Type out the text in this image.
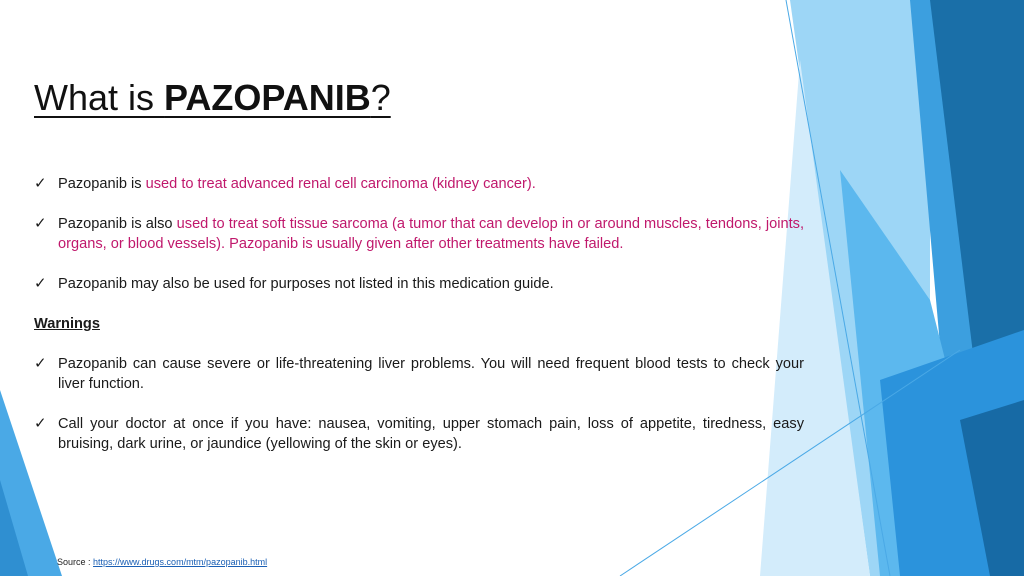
What is PAZOPANIB?
✓ Pazopanib is used to treat advanced renal cell carcinoma (kidney cancer).
✓ Pazopanib is also used to treat soft tissue sarcoma (a tumor that can develop in or around muscles, tendons, joints, organs, or blood vessels). Pazopanib is usually given after other treatments have failed.
✓ Pazopanib may also be used for purposes not listed in this medication guide.
Warnings
✓ Pazopanib can cause severe or life-threatening liver problems. You will need frequent blood tests to check your liver function.
✓ Call your doctor at once if you have: nausea, vomiting, upper stomach pain, loss of appetite, tiredness, easy bruising, dark urine, or jaundice (yellowing of the skin or eyes).
Source : https://www.drugs.com/mtm/pazopanib.html
